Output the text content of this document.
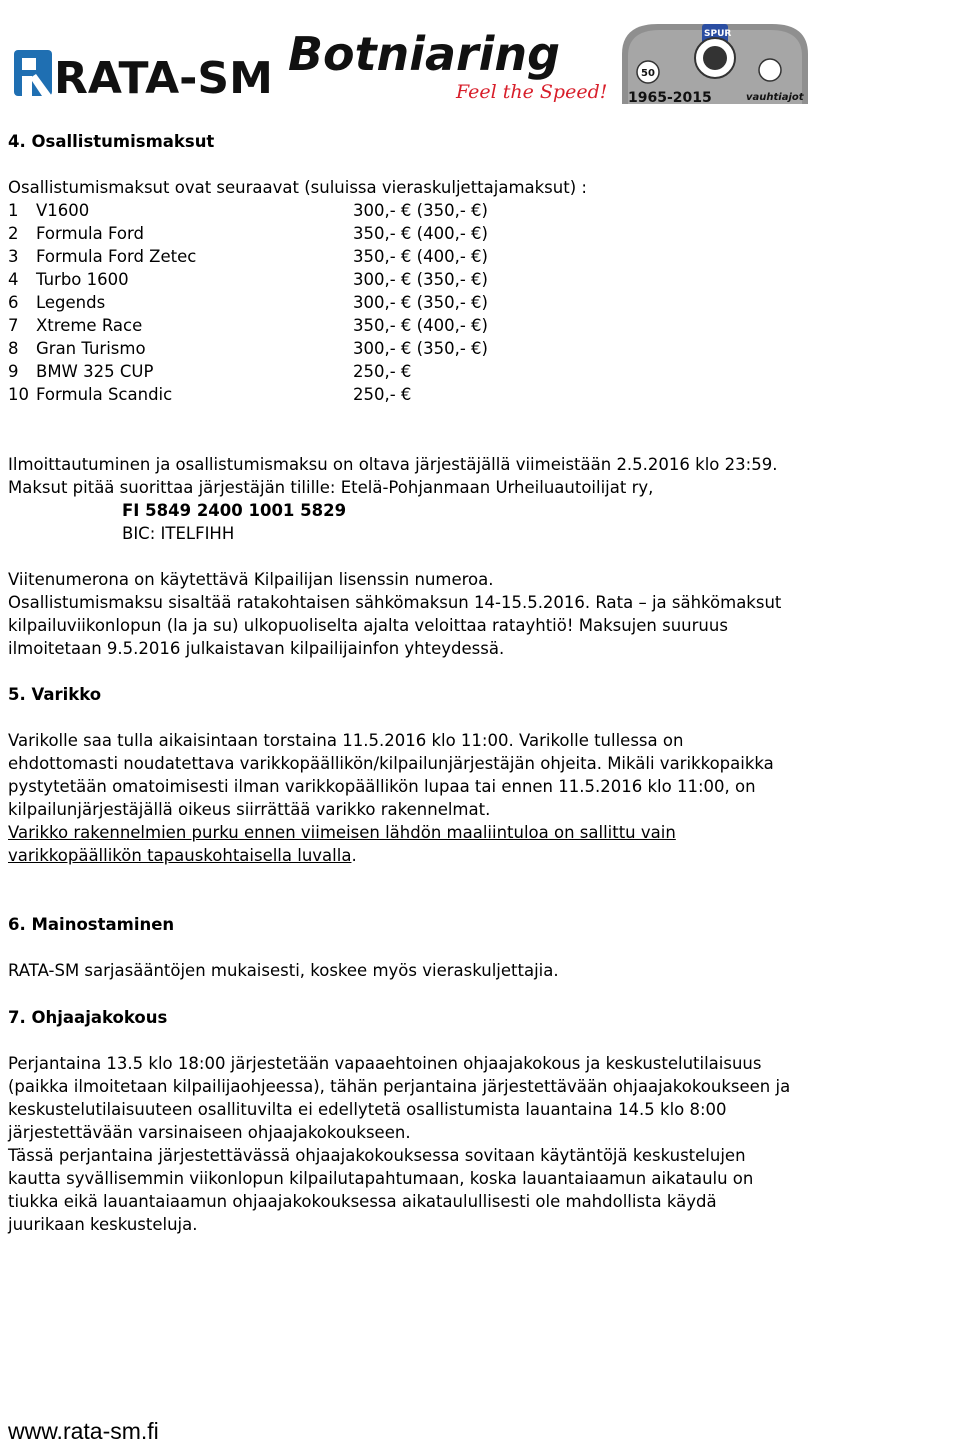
RATA-SM Botniaring
Feel the Speed!
SPUR
50
1965-2015	vauhtiajot
4. Osallistumismaksut
Osallistumismaksut ovat seuraavat (suluissa vieraskuljettajamaksut) :
1 V1600	300,- € (350,- €)
2 Formula Ford	350,- € (400,- €)
3 Formula Ford Zetec	350,- € (400,- €)
4 Turbo 1600	300,- € (350,- €)
6 Legends	300,- € (350,- €)
7 Xtreme Race	350,- € (400,- €)
8 Gran Turismo	300,- € (350,- €)
9 BMW 325 CUP	250,- €
10 Formula Scandic	250,- €
Ilmoittautuminen ja osallistumismaksu on oltava järjestäjällä viimeistään 2.5.2016 klo 23:59.
Maksut pitää suorittaa järjestäjän tilille: Etelä-Pohjanmaan Urheiluautoilijat ry,
FI 5849 2400 1001 5829
BIC: ITELFIHH
Viitenumerona on käytettävä Kilpailijan lisenssin numeroa.
Osallistumismaksu sisaltää ratakohtaisen sähkömaksun 14-15.5.2016. Rata – ja sähkömaksut
kilpailuviikonlopun (la ja su) ulkopuoliselta ajalta veloittaa ratayhtiö! Maksujen suuruus
ilmoitetaan 9.5.2016 julkaistavan kilpailijainfon yhteydessä.
5. Varikko
Varikolle saa tulla aikaisintaan torstaina 11.5.2016 klo 11:00. Varikolle tullessa on
ehdottomasti noudatettava varikkopäällikön/kilpailunjärjestäjän ohjeita. Mikäli varikkopaikka
pystytetään omatoimisesti ilman varikkopäällikön lupaa tai ennen 11.5.2016 klo 11:00, on
kilpailunjärjestäjällä oikeus siirrättää varikko rakennelmat.
Varikko rakennelmien purku ennen viimeisen lähdön maaliintuloa on sallittu vain
varikkopäällikön tapauskohtaisella luvalla.
6. Mainostaminen
RATA-SM sarjasääntöjen mukaisesti, koskee myös vieraskuljettajia.
7. Ohjaajakokous
Perjantaina 13.5 klo 18:00 järjestetään vapaaehtoinen ohjaajakokous ja keskustelutilaisuus
(paikka ilmoitetaan kilpailijaohjeessa), tähän perjantaina järjestettävään ohjaajakokoukseen ja
keskustelutilaisuuteen osallituvilta ei edellytetä osallistumista lauantaina 14.5 klo 8:00
järjestettävään varsinaiseen ohjaajakokoukseen.
Tässä perjantaina järjestettävässä ohjaajakokouksessa sovitaan käytäntöjä keskustelujen
kautta syvällisemmin viikonlopun kilpailutapahtumaan, koska lauantaiaamun aikataulu on
tiukka eikä lauantaiaamun ohjaajakokouksessa aikataulullisesti ole mahdollista käydä
juurikaan keskusteluja.
www.rata-sm.fi
